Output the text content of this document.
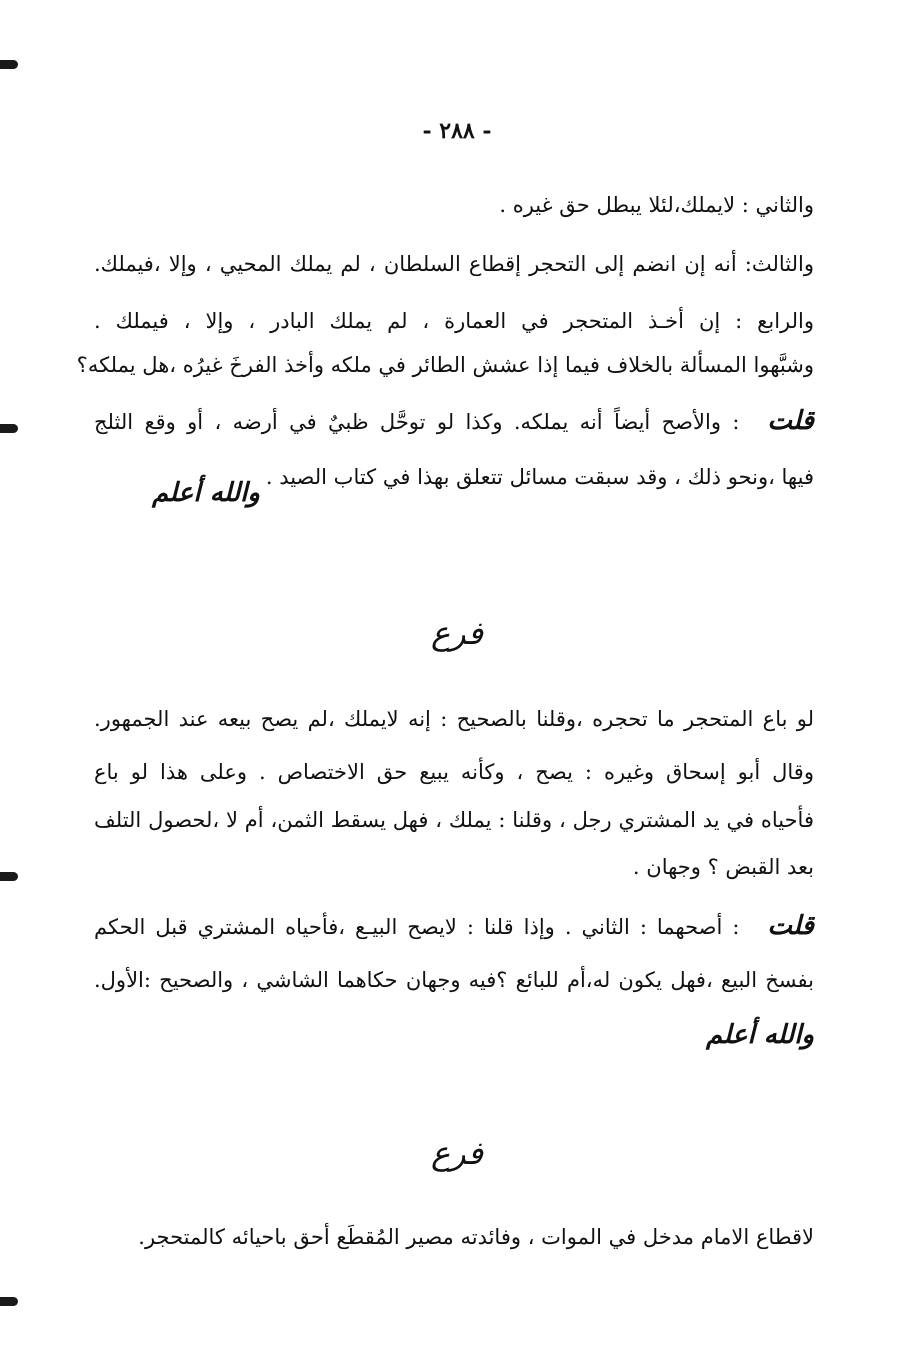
- ٢٨٨ -
والثاني : لايملك،لئلا يبطل حق غيره .
والثالث: أنه إن انضم إلى التحجر إقطاع السلطان ، لم يملك المحيي ، وإلا ،فيملك.
والرابع : إن أخـذ المتحجر في العمارة ، لم يملك البادر ، وإلا ، فيملك .
وشبَّهوا المسألة بالخلاف فيما إذا عشش الطائر في ملكه وأخذ الفرخَ غيرُه ،هل يملكه؟
قلت: والأصح أيضاً أنه يملكه. وكذا لو توحَّل ظبيٌ في أرضه ، أو وقع الثلج
فيها ،ونحو ذلك ، وقد سبقت مسائل تتعلق بهذا في كتاب الصيد .
والله أعلم
فرع
لو باع المتحجر ما تحجره ،وقلنا بالصحيح : إنه لايملك ،لم يصح بيعه عند الجمهور.
وقال أبو إسحاق وغيره : يصح ، وكأنه يبيع حق الاختصاص . وعلى هذا لو باع
فأحياه في يد المشتري رجل ، وقلنا : يملك ، فهل يسقط الثمن، أم لا ،لحصول التلف
بعد القبض ؟ وجهان .
قلت: أصحهما : الثاني . وإذا قلنا : لايصح البيـع ،فأحياه المشتري قبل الحكم
بفسخ البيع ،فهل يكون له،أم للبائع ؟فيه وجهان حكاهما الشاشي ، والصحيح :الأول.
والله أعلم
فرع
لاقطاع الامام مدخل في الموات ، وفائدته مصير المُقطَع أحق باحيائه كالمتحجر.
